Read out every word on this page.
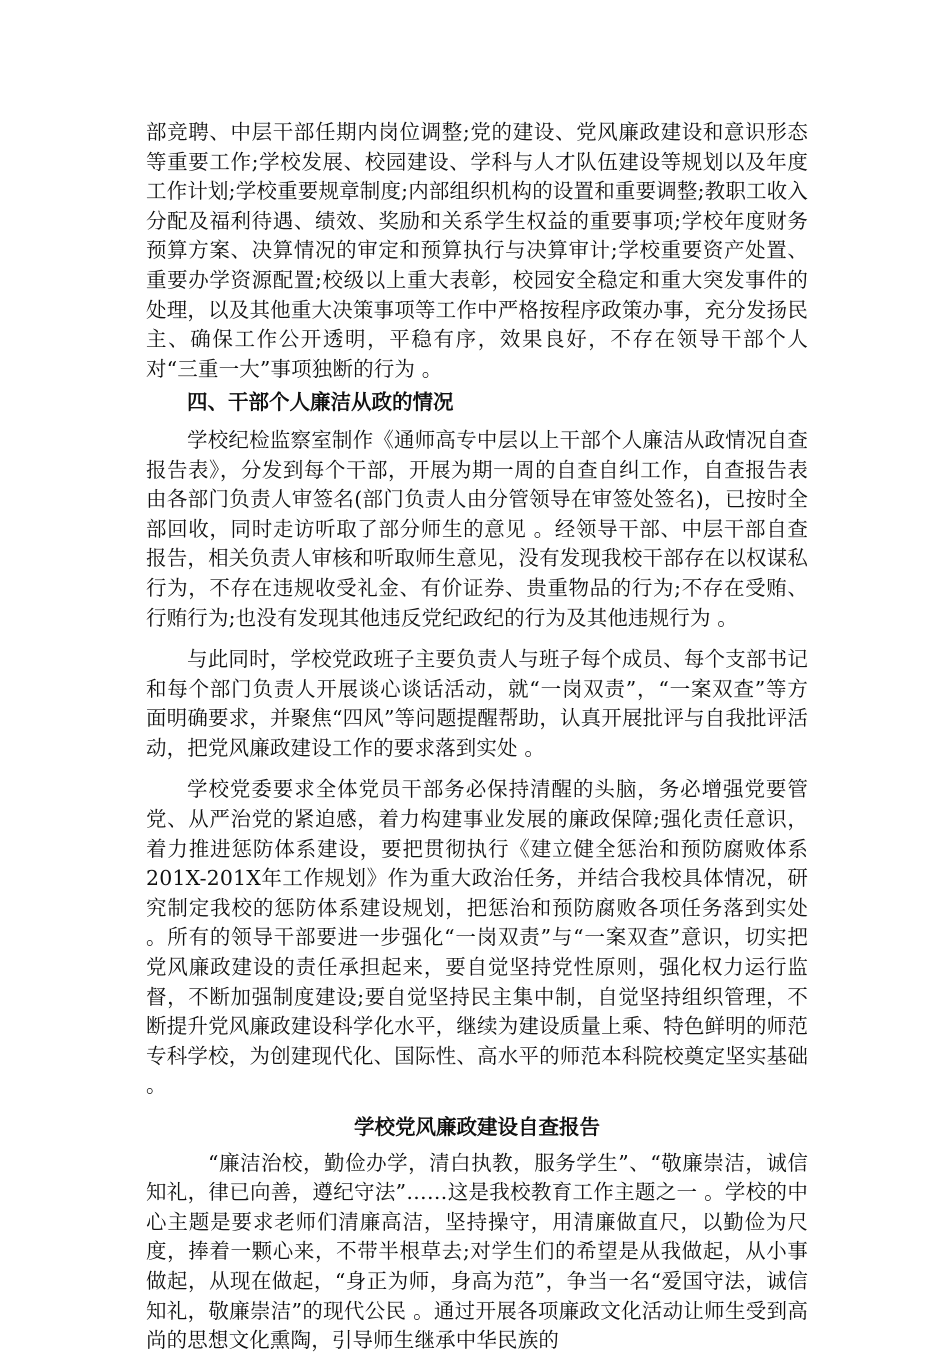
部竞聘、中层干部任期内岗位调整;党的建设、党风廉政建设和意识形态等重要工作;学校发展、校园建设、学科与人才队伍建设等规划以及年度工作计划;学校重要规章制度;内部组织机构的设置和重要调整;教职工收入分配及福利待遇、绩效、奖励和关系学生权益的重要事项;学校年度财务预算方案、决算情况的审定和预算执行与决算审计;学校重要资产处置、重要办学资源配置;校级以上重大表彰，校园安全稳定和重大突发事件的处理，以及其他重大决策事项等工作中严格按程序政策办事，充分发扬民主、确保工作公开透明，平稳有序，效果良好，不存在领导干部个人对“三重一大”事项独断的行为 。

四、干部个人廉洁从政的情况

学校纪检监察室制作《通师高专中层以上干部个人廉洁从政情况自查报告表》，分发到每个干部，开展为期一周的自查自纠工作，自查报告表由各部门负责人审签名(部门负责人由分管领导在审签处签名)，已按时全部回收，同时走访听取了部分师生的意见 。经领导干部、中层干部自查报告，相关负责人审核和听取师生意见，没有发现我校干部存在以权谋私行为，不存在违规收受礼金、有价证券、贵重物品的行为;不存在受贿、行贿行为;也没有发现其他违反党纪政纪的行为及其他违规行为 。

与此同时，学校党政班子主要负责人与班子每个成员、每个支部书记和每个部门负责人开展谈心谈话活动，就“一岗双责”，“一案双查”等方面明确要求，并聚焦“四风”等问题提醒帮助，认真开展批评与自我批评活动，把党风廉政建设工作的要求落到实处 。

学校党委要求全体党员干部务必保持清醒的头脑，务必增强党要管党、从严治党的紧迫感，着力构建事业发展的廉政保障;强化责任意识，着力推进惩防体系建设，要把贯彻执行《建立健全惩治和预防腐败体系201X-201X年工作规划》作为重大政治任务，并结合我校具体情况，研究制定我校的惩防体系建设规划，把惩治和预防腐败各项任务落到实处 。所有的领导干部要进一步强化“一岗双责”与“一案双查”意识，切实把党风廉政建设的责任承担起来，要自觉坚持党性原则，强化权力运行监督，不断加强制度建设;要自觉坚持民主集中制，自觉坚持组织管理，不断提升党风廉政建设科学化水平，继续为建设质量上乘、特色鲜明的师范专科学校，为创建现代化、国际性、高水平的师范本科院校奠定坚实基础 。

学校党风廉政建设自查报告

“廉洁治校，勤俭办学，清白执教，服务学生”、“敬廉崇洁，诚信知礼，律已向善，遵纪守法”……这是我校教育工作主题之一 。学校的中心主题是要求老师们清廉高洁，坚持操守，用清廉做直尺，以勤俭为尺度，捧着一颗心来，不带半根草去;对学生们的希望是从我做起，从小事做起，从现在做起，“身正为师，身高为范”，争当一名“爱国守法，诚信知礼，敬廉崇洁”的现代公民 。通过开展各项廉政文化活动让师生受到高尚的思想文化熏陶，引导师生继承中华民族的
